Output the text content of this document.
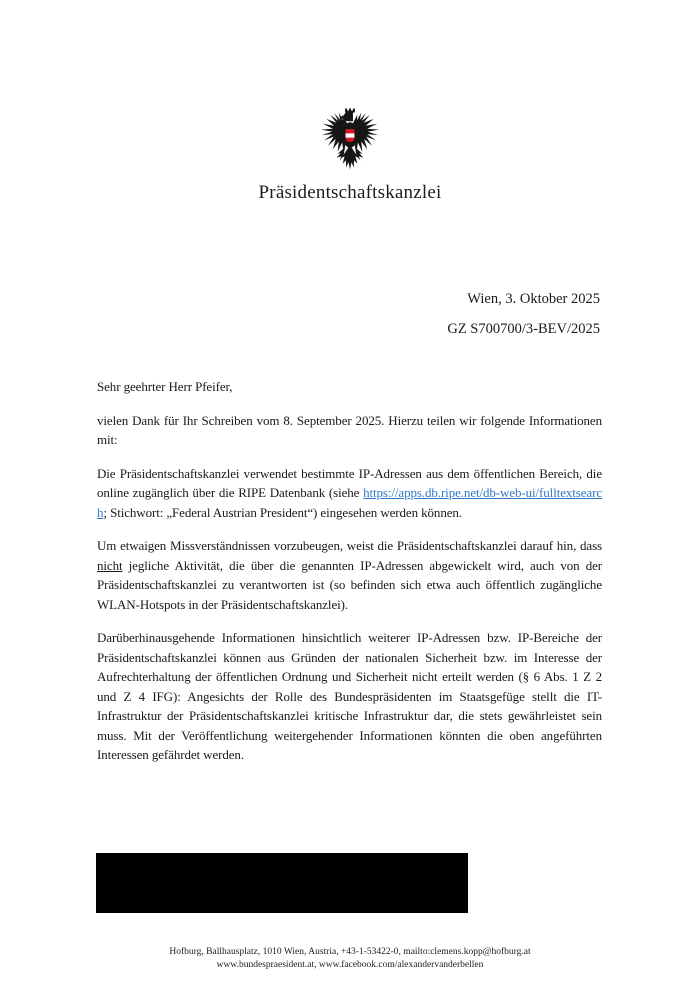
Präsidentschaftskanzlei
Wien, 3. Oktober 2025
GZ S700700/3-BEV/2025

Sehr geehrter Herr Pfeifer,

vielen Dank für Ihr Schreiben vom 8. September 2025. Hierzu teilen wir folgende Informationen mit:

Die Präsidentschaftskanzlei verwendet bestimmte IP-Adressen aus dem öffentlichen Bereich, die online zugänglich über die RIPE Datenbank (siehe https://apps.db.ripe.net/db-web-ui/fulltextsearch; Stichwort: „Federal Austrian President“) eingesehen werden können.

Um etwaigen Missverständnissen vorzubeugen, weist die Präsidentschaftskanzlei darauf hin, dass nicht jegliche Aktivität, die über die genannten IP-Adressen abgewickelt wird, auch von der Präsidentschaftskanzlei zu verantworten ist (so befinden sich etwa auch öffentlich zugängliche WLAN-Hotspots in der Präsidentschaftskanzlei).

Darüberhinausgehende Informationen hinsichtlich weiterer IP-Adressen bzw. IP-Bereiche der Präsidentschaftskanzlei können aus Gründen der nationalen Sicherheit bzw. im Interesse der Aufrechterhaltung der öffentlichen Ordnung und Sicherheit nicht erteilt werden (§ 6 Abs. 1 Z 2 und Z 4 IFG): Angesichts der Rolle des Bundespräsidenten im Staatsgefüge stellt die IT-Infrastruktur der Präsidentschaftskanzlei kritische Infrastruktur dar, die stets gewährleistet sein muss. Mit der Veröffentlichung weitergehender Informationen könnten die oben angeführten Interessen gefährdet werden.

Hofburg, Ballhausplatz, 1010 Wien, Austria, +43-1-53422-0, mailto:clemens.kopp@hofburg.at
www.bundespraesident.at, www.facebook.com/alexandervanderbellen
